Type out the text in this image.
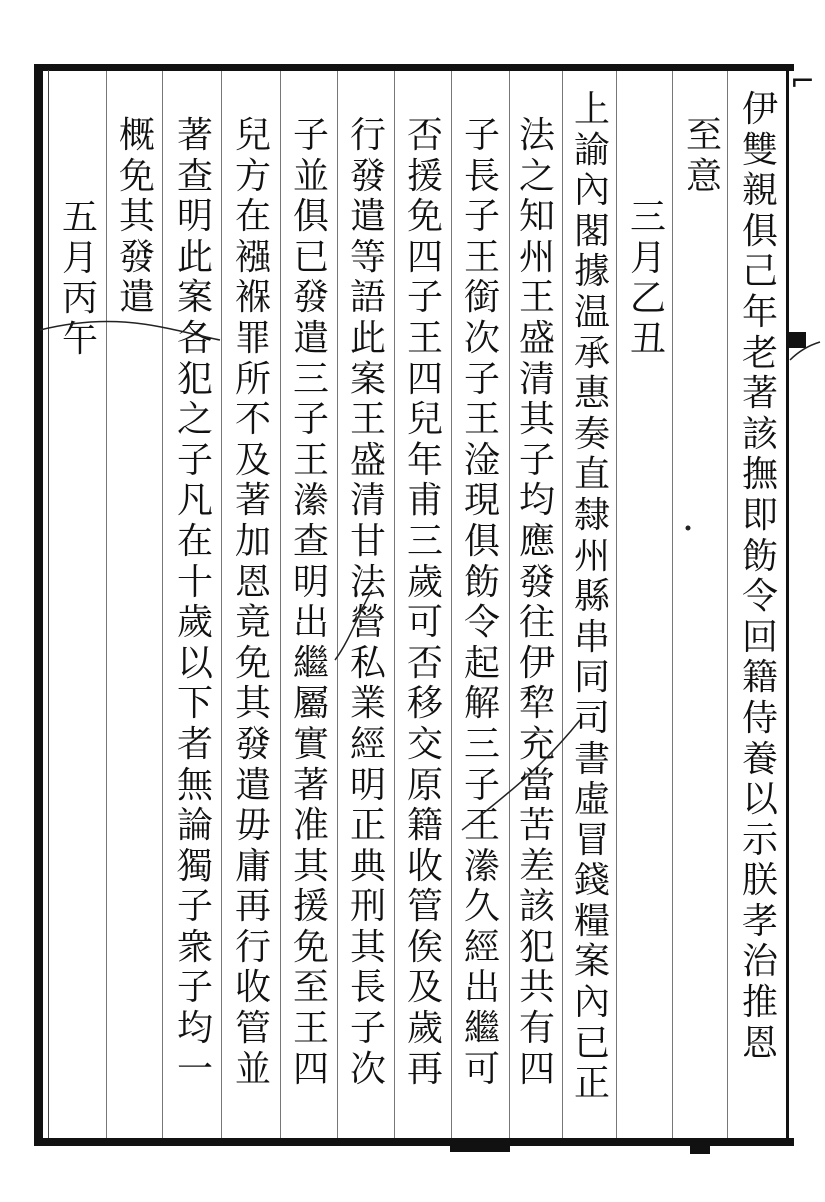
⌐
伊
雙
親
俱
己
年
老
著
該
撫
即
飭
令
回
籍
侍
養
以
示
朕
孝
治
推
恩
至
意
三
月
乙
丑
上
諭
內
閣
據
温
承
惠
奏
直
隸
州
縣
串
同
司
書
虛
冒
錢
糧
案
內
已
正
法
之
知
州
王
盛
清
其
子
均
應
發
往
伊
犂
充
當
苦
差
該
犯
共
有
四
子
長
子
王
銜
次
子
王
淦
現
俱
飭
令
起
解
三
子
王
潫
久
經
出
繼
可
否
援
免
四
子
王
四
兒
年
甫
三
歲
可
否
移
交
原
籍
收
管
俟
及
歲
再
行
發
遣
等
語
此
案
王
盛
清
甘
法
營
私
業
經
明
正
典
刑
其
長
子
次
子
並
俱
已
發
遣
三
子
王
潫
查
明
出
繼
屬
實
著
准
其
援
免
至
王
四
兒
方
在
襁
褓
罪
所
不
及
著
加
恩
竟
免
其
發
遣
毋
庸
再
行
收
管
並
著
查
明
此
案
各
犯
之
子
凡
在
十
歲
以
下
者
無
論
獨
子
衆
子
均
一
概
免
其
發
遣
五
月
丙
午
